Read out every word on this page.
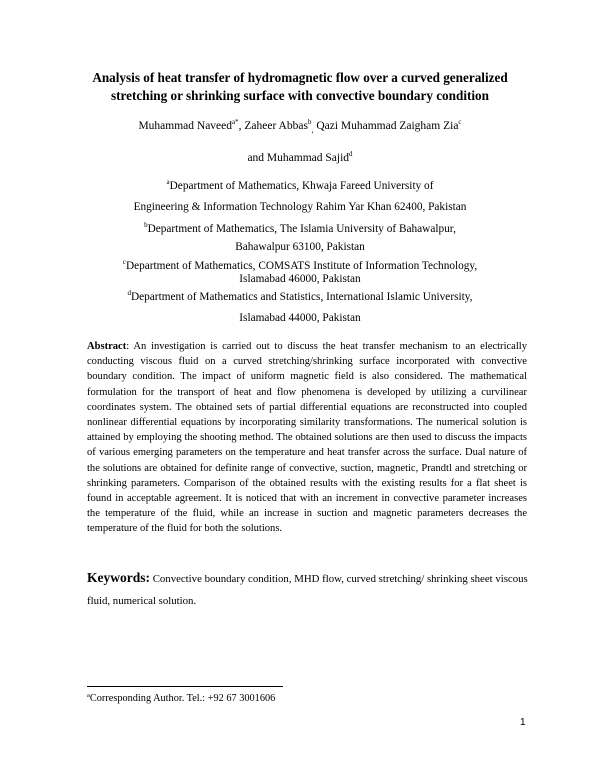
Analysis of heat transfer of hydromagnetic flow over a curved generalized
stretching or shrinking surface with convective boundary condition
Muhammad Naveed$^{a*}$, Zaheer Abbas$^b_,$ Qazi Muhammad Zaigham Zia$^c$
and Muhammad Sajid$^d$
$^a$Department of Mathematics, Khwaja Fareed University of
Engineering & Information Technology Rahim Yar Khan 62400, Pakistan
$^b$Department of Mathematics, The Islamia University of Bahawalpur,
Bahawalpur 63100, Pakistan
$^c$Department of Mathematics, COMSATS Institute of Information Technology,
Islamabad 46000, Pakistan
$^d$Department of Mathematics and Statistics, International Islamic University,
Islamabad 44000, Pakistan
Abstract: An investigation is carried out to discuss the heat transfer mechanism to an electrically conducting viscous fluid on a curved stretching/shrinking surface incorporated with convective boundary condition. The impact of uniform magnetic field is also considered. The mathematical formulation for the transport of heat and flow phenomena is developed by utilizing a curvilinear coordinates system. The obtained sets of partial differential equations are reconstructed into coupled nonlinear differential equations by incorporating similarity transformations. The numerical solution is attained by employing the shooting method. The obtained solutions are then used to discuss the impacts of various emerging parameters on the temperature and heat transfer across the surface. Dual nature of the solutions are obtained for definite range of convective, suction, magnetic, Prandtl and stretching or shrinking parameters. Comparison of the obtained results with the existing results for a flat sheet is found in acceptable agreement. It is noticed that with an increment in convective parameter increases the temperature of the fluid, while an increase in suction and magnetic parameters decreases the temperature of the fluid for both the solutions.
Keywords: Convective boundary condition, MHD flow, curved stretching/ shrinking sheet viscous fluid, numerical solution.
$^a$Corresponding Author. Tel.: +92 67 3001606
1
